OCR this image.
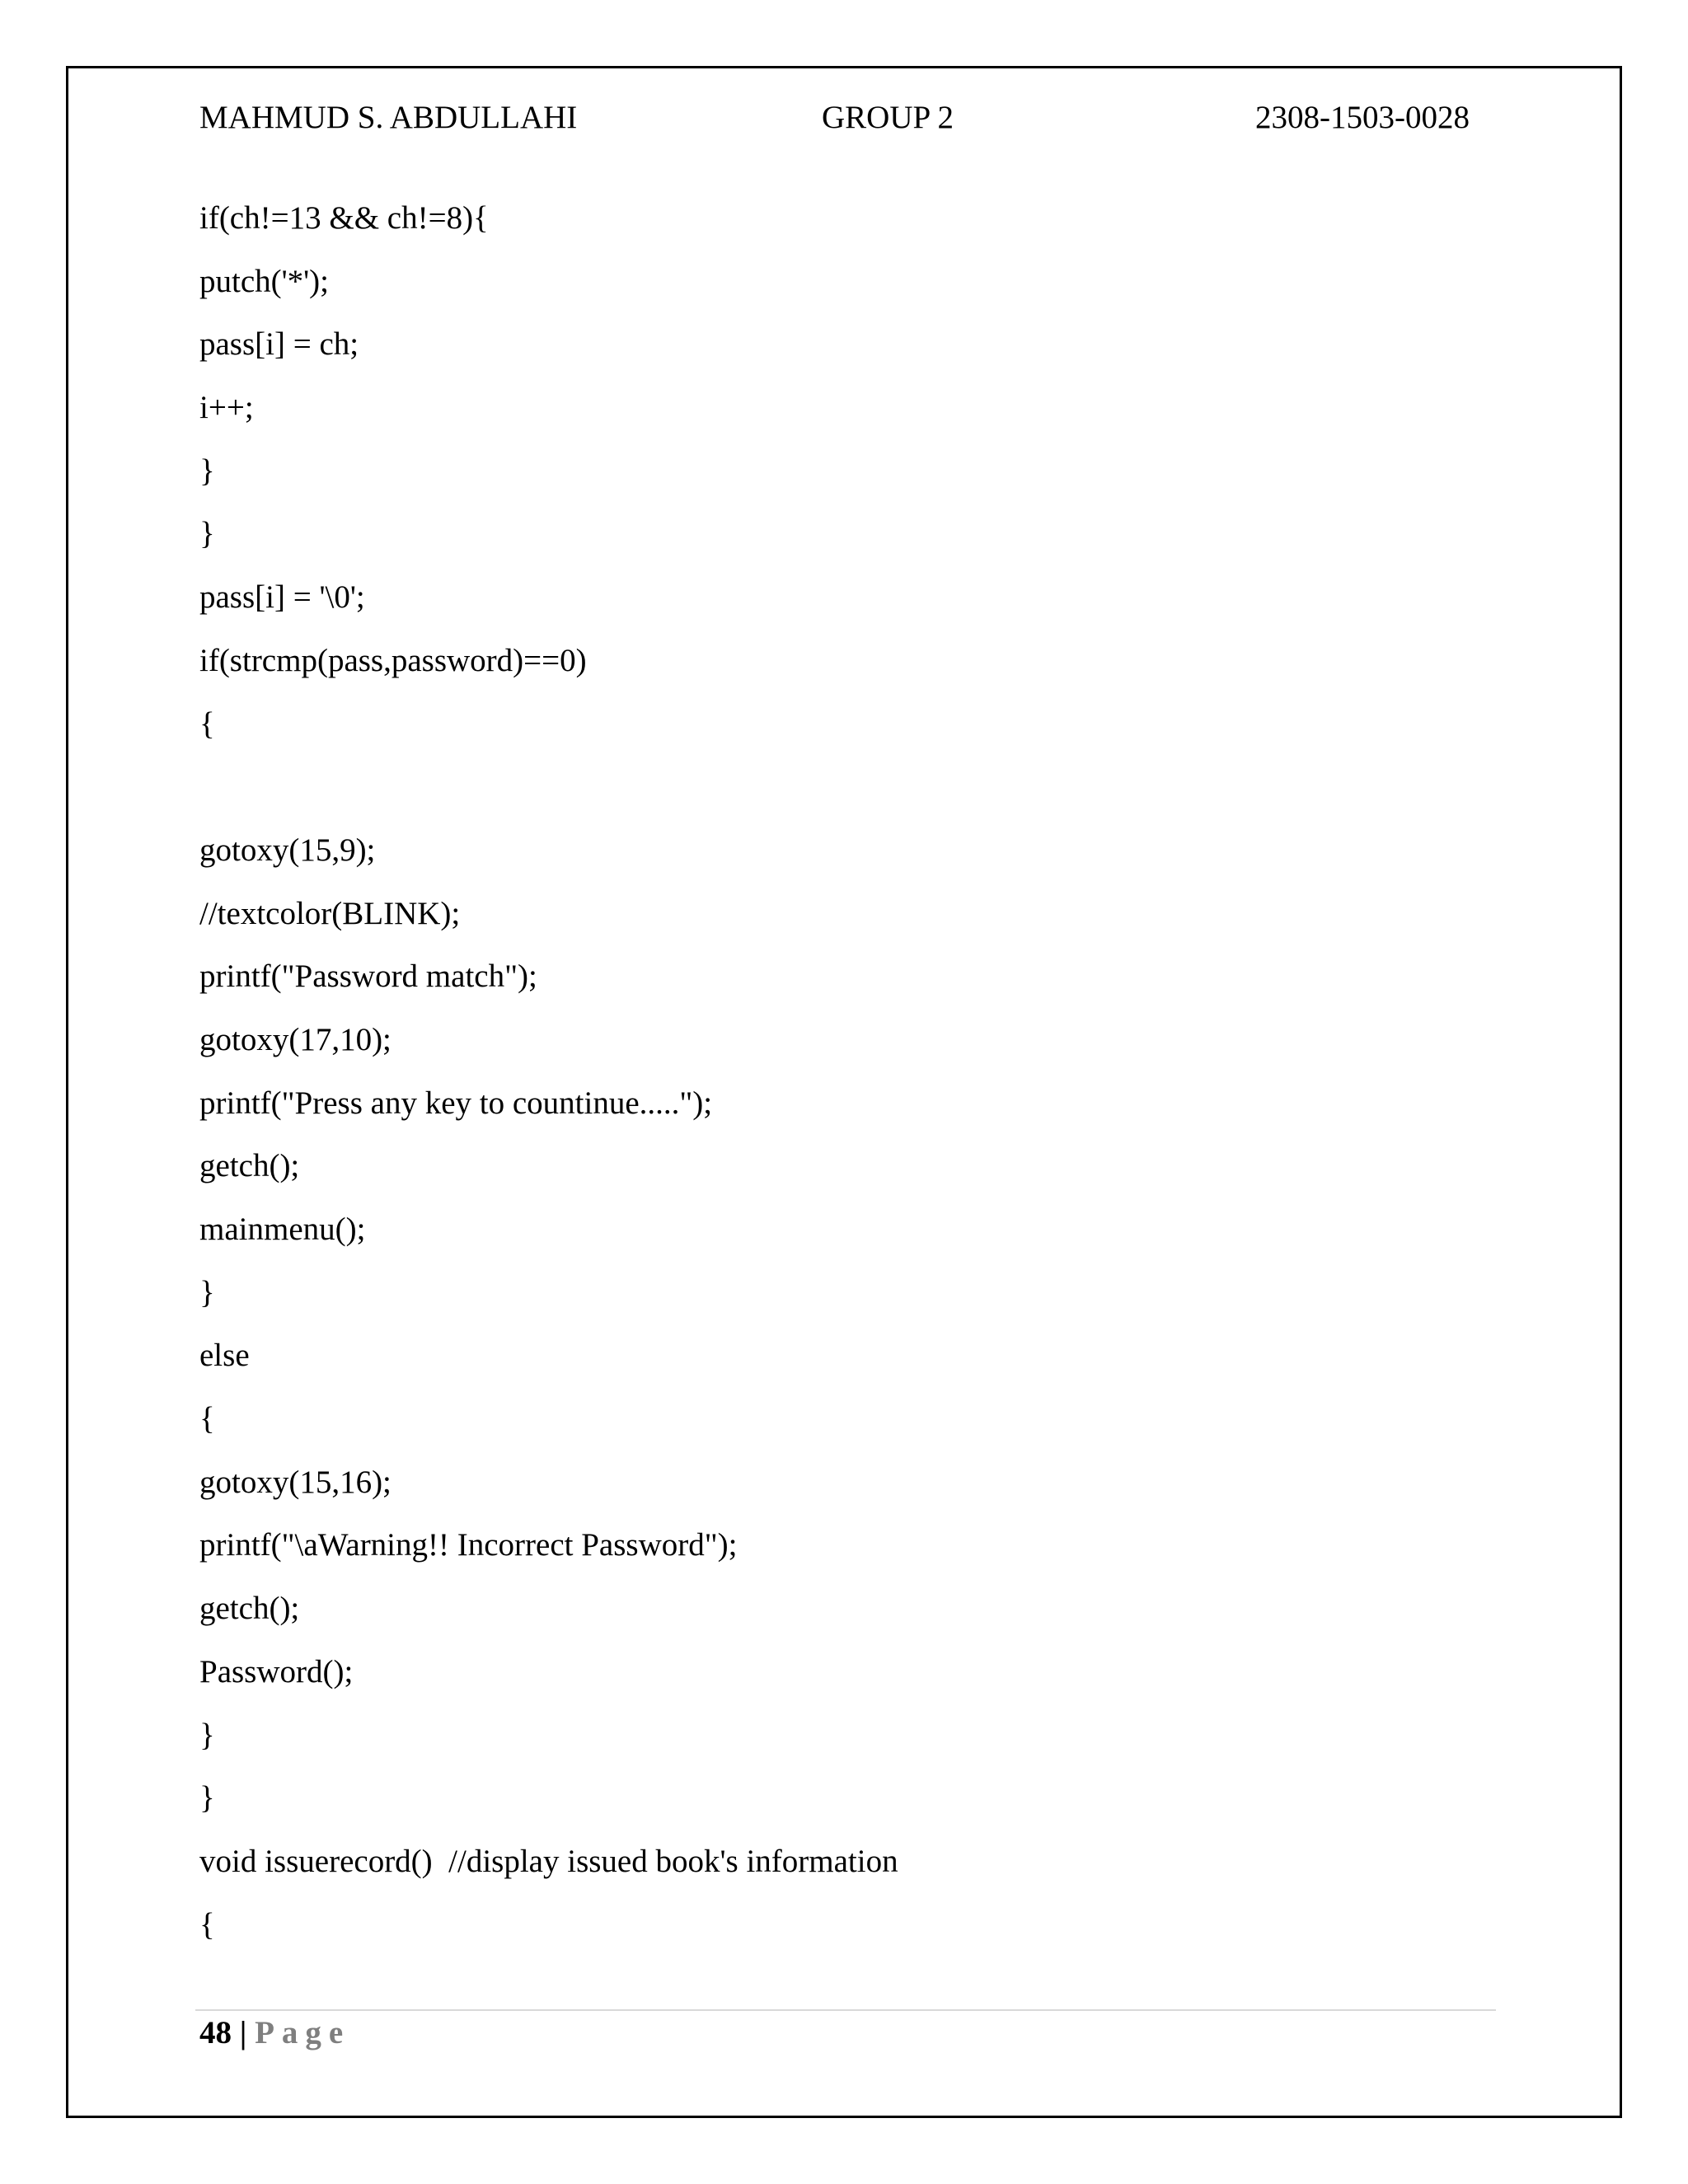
MAHMUD S. ABDULLAHI	GROUP 2	2308-1503-0028
if(ch!=13 && ch!=8){
putch('*');
pass[i] = ch;
i++;
}
}
pass[i] = '\0';
if(strcmp(pass,password)==0)
{
gotoxy(15,9);
//textcolor(BLINK);
printf("Password match");
gotoxy(17,10);
printf("Press any key to countinue.....");
getch();
mainmenu();
}
else
{
gotoxy(15,16);
printf("\aWarning!! Incorrect Password");
getch();
Password();
}
}
void issuerecord()  //display issued book's information
{
48 | Page
